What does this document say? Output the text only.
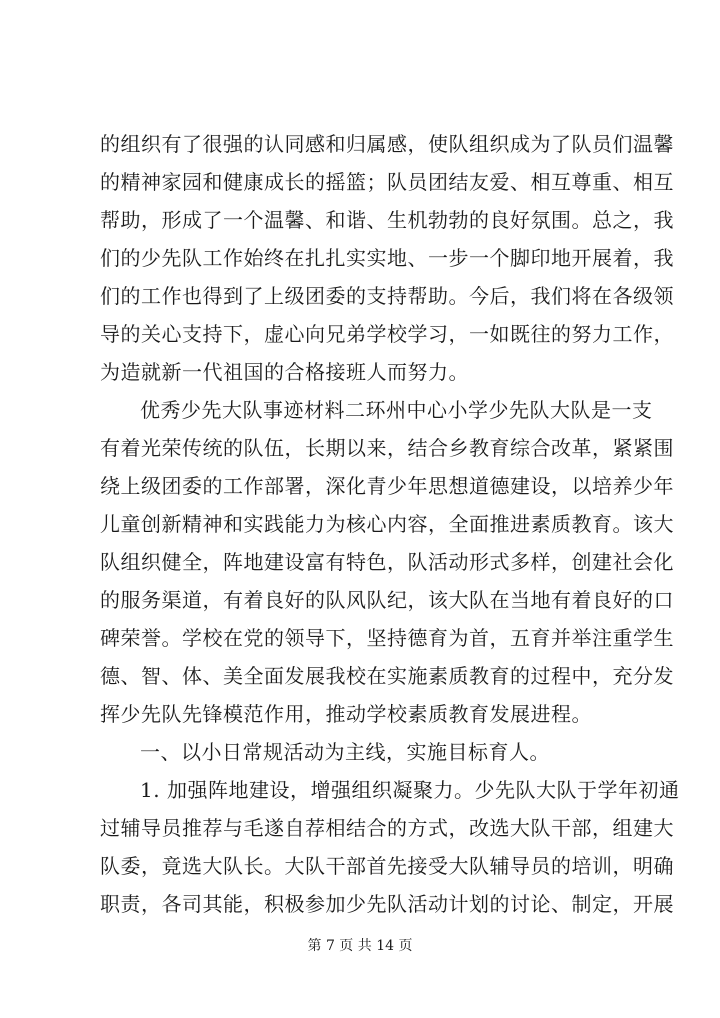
的组织有了很强的认同感和归属感，使队组织成为了队员们温馨
的精神家园和健康成长的摇篮；队员团结友爱、相互尊重、相互
帮助，形成了一个温馨、和谐、生机勃勃的良好氛围。总之，我
们的少先队工作始终在扎扎实实地、一步一个脚印地开展着，我
们的工作也得到了上级团委的支持帮助。今后，我们将在各级领
导的关心支持下，虚心向兄弟学校学习，一如既往的努力工作，
为造就新一代祖国的合格接班人而努力。
优秀少先大队事迹材料二环州中心小学少先队大队是一支
有着光荣传统的队伍，长期以来，结合乡教育综合改革，紧紧围
绕上级团委的工作部署，深化青少年思想道德建设，以培养少年
儿童创新精神和实践能力为核心内容，全面推进素质教育。该大
队组织健全，阵地建设富有特色，队活动形式多样，创建社会化
的服务渠道，有着良好的队风队纪，该大队在当地有着良好的口
碑荣誉。学校在党的领导下，坚持德育为首，五育并举注重学生
德、智、体、美全面发展我校在实施素质教育的过程中，充分发
挥少先队先锋模范作用，推动学校素质教育发展进程。
一、以小日常规活动为主线，实施目标育人。
1. 加强阵地建设，增强组织凝聚力。少先队大队于学年初通
过辅导员推荐与毛遂自荐相结合的方式，改选大队干部，组建大
队委，竟选大队长。大队干部首先接受大队辅导员的培训，明确
职责，各司其能，积极参加少先队活动计划的讨论、制定，开展
第 7 页 共 14 页
